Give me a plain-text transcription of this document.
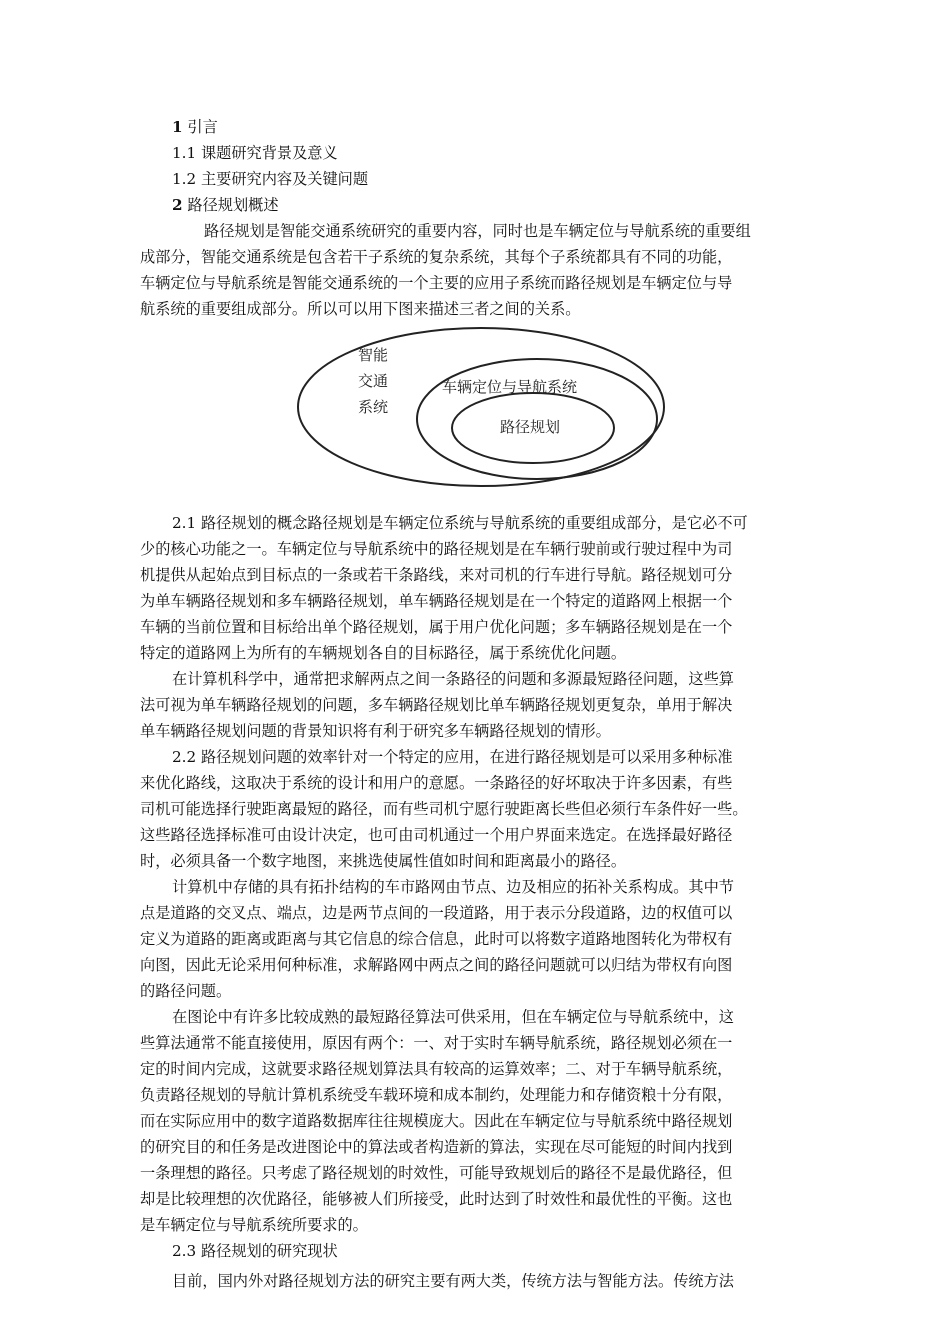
1 引言
1.1 课题研究背景及意义
1.2 主要研究内容及关键问题
2 路径规划概述
路径规划是智能交通系统研究的重要内容，同时也是车辆定位与导航系统的重要组
成部分，智能交通系统是包含若干子系统的复杂系统，其每个子系统都具有不同的功能，
车辆定位与导航系统是智能交通系统的一个主要的应用子系统而路径规划是车辆定位与导
航系统的重要组成部分。所以可以用下图来描述三者之间的关系。
智能
交通
系统
车辆定位与导航系统
路径规划
2.1 路径规划的概念路径规划是车辆定位系统与导航系统的重要组成部分，是它必不可
少的核心功能之一。车辆定位与导航系统中的路径规划是在车辆行驶前或行驶过程中为司
机提供从起始点到目标点的一条或若干条路线，来对司机的行车进行导航。路径规划可分
为单车辆路径规划和多车辆路径规划，单车辆路径规划是在一个特定的道路网上根据一个
车辆的当前位置和目标给出单个路径规划，属于用户优化问题；多车辆路径规划是在一个
特定的道路网上为所有的车辆规划各自的目标路径，属于系统优化问题。
在计算机科学中，通常把求解两点之间一条路径的问题和多源最短路径问题，这些算
法可视为单车辆路径规划的问题，多车辆路径规划比单车辆路径规划更复杂，单用于解决
单车辆路径规划问题的背景知识将有利于研究多车辆路径规划的情形。
2.2 路径规划问题的效率针对一个特定的应用，在进行路径规划是可以采用多种标准
来优化路线，这取决于系统的设计和用户的意愿。一条路径的好坏取决于许多因素，有些
司机可能选择行驶距离最短的路径，而有些司机宁愿行驶距离长些但必须行车条件好一些。
这些路径选择标准可由设计决定，也可由司机通过一个用户界面来选定。在选择最好路径
时，必须具备一个数字地图，来挑选使属性值如时间和距离最小的路径。
计算机中存储的具有拓扑结构的车市路网由节点、边及相应的拓补关系构成。其中节
点是道路的交叉点、端点，边是两节点间的一段道路，用于表示分段道路，边的权值可以
定义为道路的距离或距离与其它信息的综合信息，此时可以将数字道路地图转化为带权有
向图，因此无论采用何种标准，求解路网中两点之间的路径问题就可以归结为带权有向图
的路径问题。
在图论中有许多比较成熟的最短路径算法可供采用，但在车辆定位与导航系统中，这
些算法通常不能直接使用，原因有两个：一、对于实时车辆导航系统，路径规划必须在一
定的时间内完成，这就要求路径规划算法具有较高的运算效率；二、对于车辆导航系统，
负责路径规划的导航计算机系统受车载环境和成本制约，处理能力和存储资粮十分有限，
而在实际应用中的数字道路数据库往往规模庞大。因此在车辆定位与导航系统中路径规划
的研究目的和任务是改进图论中的算法或者构造新的算法，实现在尽可能短的时间内找到
一条理想的路径。只考虑了路径规划的时效性，可能导致规划后的路径不是最优路径，但
却是比较理想的次优路径，能够被人们所接受，此时达到了时效性和最优性的平衡。这也
是车辆定位与导航系统所要求的。
2.3 路径规划的研究现状
目前，国内外对路径规划方法的研究主要有两大类，传统方法与智能方法。传统方法
